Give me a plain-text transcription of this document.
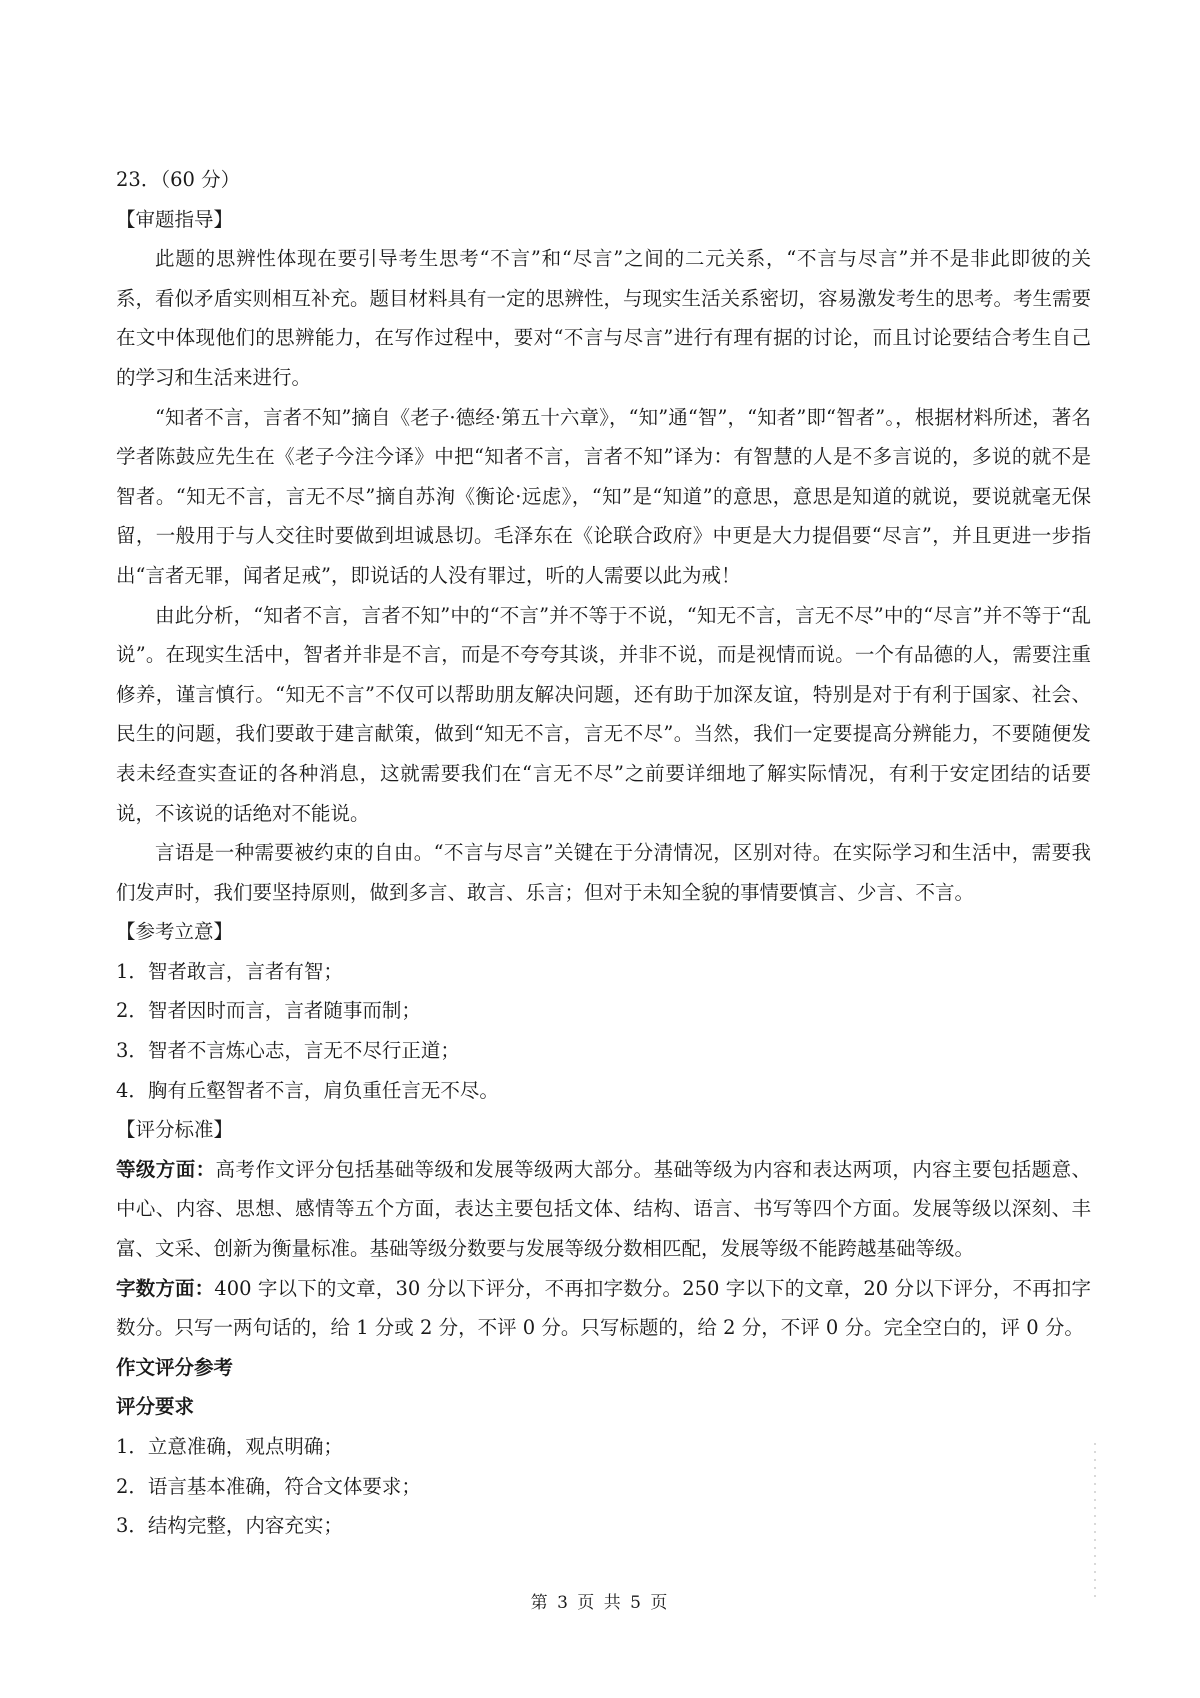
23．（60 分）

【审题指导】

此题的思辨性体现在要引导考生思考“不言”和“尽言”之间的二元关系，“不言与尽言”并不是非此即彼的关系，看似矛盾实则相互补充。题目材料具有一定的思辨性，与现实生活关系密切，容易激发考生的思考。考生需要在文中体现他们的思辨能力，在写作过程中，要对“不言与尽言”进行有理有据的讨论，而且讨论要结合考生自己的学习和生活来进行。

“知者不言，言者不知”摘自《老子·德经·第五十六章》，“知”通“智”，“知者”即“智者”。，根据材料所述，著名学者陈鼓应先生在《老子今注今译》中把“知者不言，言者不知”译为：有智慧的人是不多言说的，多说的就不是智者。“知无不言，言无不尽”摘自苏洵《衡论·远虑》，“知”是“知道”的意思，意思是知道的就说，要说就毫无保留，一般用于与人交往时要做到坦诚恳切。毛泽东在《论联合政府》中更是大力提倡要“尽言”，并且更进一步指出“言者无罪，闻者足戒”，即说话的人没有罪过，听的人需要以此为戒！

由此分析，“知者不言，言者不知”中的“不言”并不等于不说，“知无不言，言无不尽”中的“尽言”并不等于“乱说”。在现实生活中，智者并非是不言，而是不夸夸其谈，并非不说，而是视情而说。一个有品德的人，需要注重修养，谨言慎行。“知无不言”不仅可以帮助朋友解决问题，还有助于加深友谊，特别是对于有利于国家、社会、民生的问题，我们要敢于建言献策，做到“知无不言，言无不尽”。当然，我们一定要提高分辨能力，不要随便发表未经查实查证的各种消息，这就需要我们在“言无不尽”之前要详细地了解实际情况，有利于安定团结的话要说，不该说的话绝对不能说。

言语是一种需要被约束的自由。“不言与尽言”关键在于分清情况，区别对待。在实际学习和生活中，需要我们发声时，我们要坚持原则，做到多言、敢言、乐言；但对于未知全貌的事情要慎言、少言、不言。

【参考立意】

1．智者敢言，言者有智；

2．智者因时而言，言者随事而制；

3．智者不言炼心志，言无不尽行正道；

4．胸有丘壑智者不言，肩负重任言无不尽。

【评分标准】

等级方面：高考作文评分包括基础等级和发展等级两大部分。基础等级为内容和表达两项，内容主要包括题意、中心、内容、思想、感情等五个方面，表达主要包括文体、结构、语言、书写等四个方面。发展等级以深刻、丰富、文采、创新为衡量标准。基础等级分数要与发展等级分数相匹配，发展等级不能跨越基础等级。

字数方面：400 字以下的文章，30 分以下评分，不再扣字数分。250 字以下的文章，20 分以下评分，不再扣字数分。只写一两句话的，给 1 分或 2 分，不评 0 分。只写标题的，给 2 分，不评 0 分。完全空白的，评 0 分。

作文评分参考

评分要求

1．立意准确，观点明确；

2．语言基本准确，符合文体要求；

3．结构完整，内容充实；

第 3 页 共 5 页
